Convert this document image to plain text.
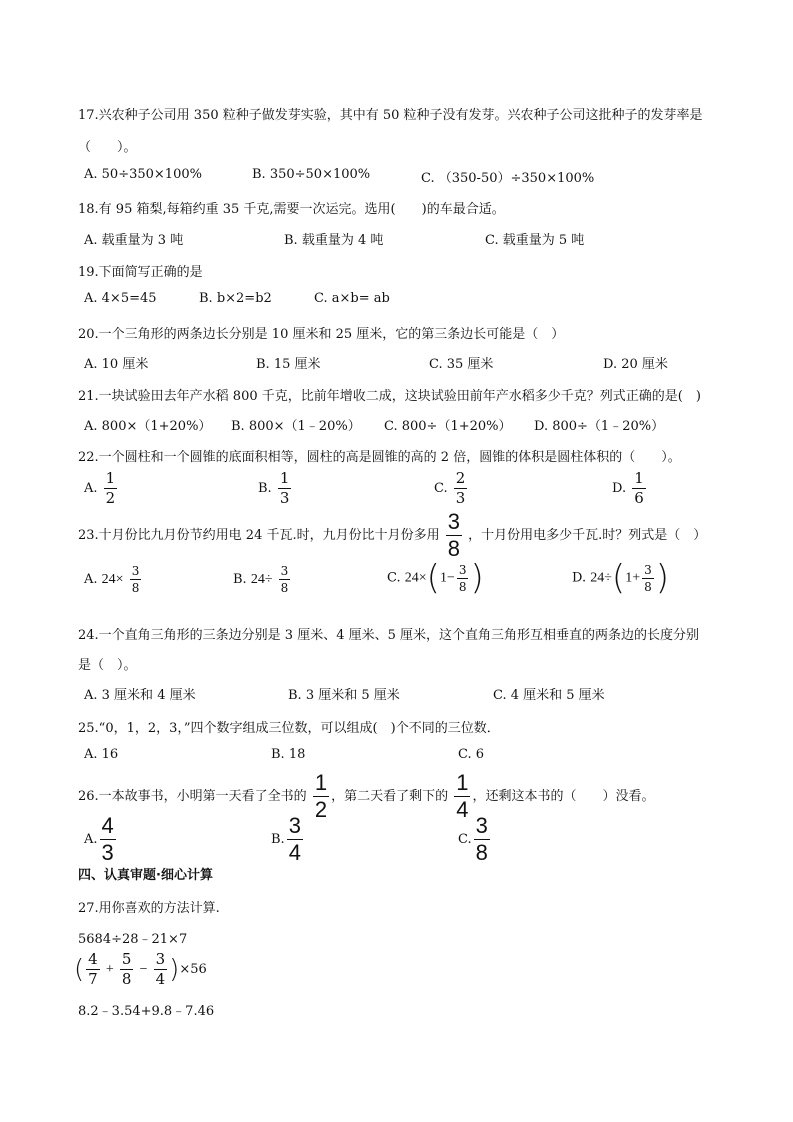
17.兴农种子公司用 350 粒种子做发芽实验，其中有 50 粒种子没有发芽。兴农种子公司这批种子的发芽率是
（　　）。
A. 50÷350×100%	B. 350÷50×100%	C. （350-50）÷350×100%
18.有 95 箱梨,每箱约重 35 千克,需要一次运完。选用(　　)的车最合适。
A. 载重量为 3 吨	B. 载重量为 4 吨	C. 载重量为 5 吨
19.下面简写正确的是
A. 4×5=45	B. b×2=b2	C. a×b= ab
20.一个三角形的两条边长分别是 10 厘米和 25 厘米，它的第三条边长可能是（　）
A. 10 厘米	B. 15 厘米	C. 35 厘米	D. 20 厘米
21.一块试验田去年产水稻 800 千克，比前年增收二成，这块试验田前年产水稻多少千克？列式正确的是(　)
A. 800×（1+20%） B. 800×（1﹣20%） C. 800÷（1+20%） D. 800÷（1﹣20%）
22.一个圆柱和一个圆锥的底面积相等，圆柱的高是圆锥的高的 2 倍，圆锥的体积是圆柱体积的（　　）。
A. $\frac{1}{2}$	B. $\frac{1}{3}$	C. $\frac{2}{3}$	D. $\frac{1}{6}$
23.十月份比九月份节约用电 24 千瓦.时，九月份比十月份多用 $\frac{3}{8}$ ，十月份用电多少千瓦.时？列式是（　）
A. $24\times \frac{3}{8}$	B. $24\div \frac{3}{8}$	C. $24\times(1- \frac{3}{8}$ )	D. $24\div(1+ \frac{3}{8}$ )
24.一个直角三角形的三条边分别是 3 厘米、4 厘米、5 厘米，这个直角三角形互相垂直的两条边的长度分别
是（　）。
A. 3 厘米和 4 厘米	B. 3 厘米和 5 厘米	C. 4 厘米和 5 厘米
25.“0，1，2，3，”四个数字组成三位数，可以组成(　)个不同的三位数．
A. 16	B. 18	C. 6
26.一本故事书，小明第一天看了全书的 $\frac{1}{2}$ ，第二天看了剩下的 $\frac{1}{4}$ ，还剩这本书的（　　）没看。
A. $\frac{4}{3}$	B. $\frac{3}{4}$	C. $\frac{3}{8}$
四、认真审题·细心计算
27.用你喜欢的方法计算.
5684÷28﹣21×7
( $\frac{4}{7} + \frac{5}{8} - \frac{3}{4} )\times 56$
8.2﹣3.54+9.8﹣7.46
